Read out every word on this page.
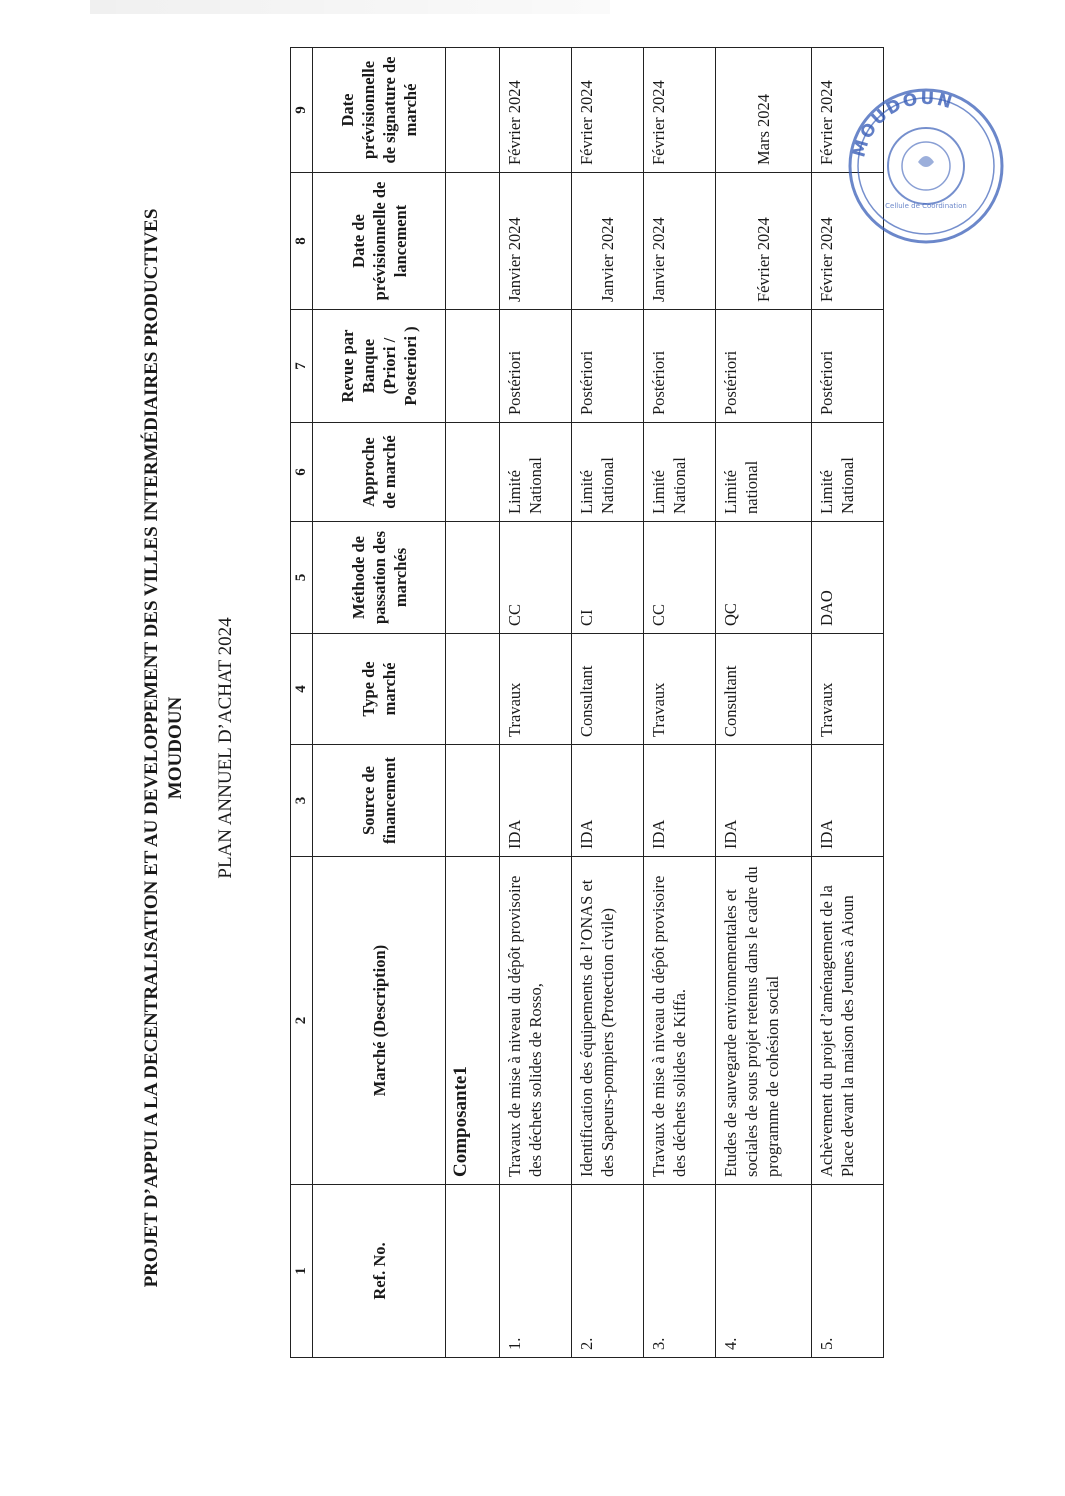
PROJET D’APPUI A LA DECENTRALISATION ET AU DEVELOPPEMENT DES VILLES INTERMÉDIAIRES PRODUCTIVES MOUDOUN PLAN ANNUEL D’ACHAT 2024
1	2	3	4	5	6	7	8	9
Ref. No.	Marché (Description)	Source de financement	Type de marché	Méthode de passation des marchés	Approche de marché	Revue par Banque (Priori / Posteriori )	Date de prévisionnelle de lancement	Date prévisionnelle de signature de marché
	Composante1							
1.	Travaux de mise à niveau du dépôt provisoire des déchets solides de Rosso,	IDA	Travaux	CC	Limité National	Postériori	Janvier 2024	Février 2024
2.	Identification des équipements de l’ONAS et des Sapeurs-pompiers (Protection civile)	IDA	Consultant	CI	Limité National	Postériori	Janvier 2024	Février 2024
3.	Travaux de mise à niveau du dépôt provisoire des déchets solides de Kiffa.	IDA	Travaux	CC	Limité National	Postériori	Janvier 2024	Février 2024
4.	Etudes de sauvegarde environnementales et sociales de sous projet retenus dans le cadre du programme de cohésion social	IDA	Consultant	QC	Limité national	Postériori	Février 2024	Mars 2024
5.	Achèvement du projet d’aménagement de la Place devant la maison des Jeunes à Aioun	IDA	Travaux	DAO	Limité National	Postériori	Février 2024	Février 2024 MOUDOUN
Cellule de Coordination
